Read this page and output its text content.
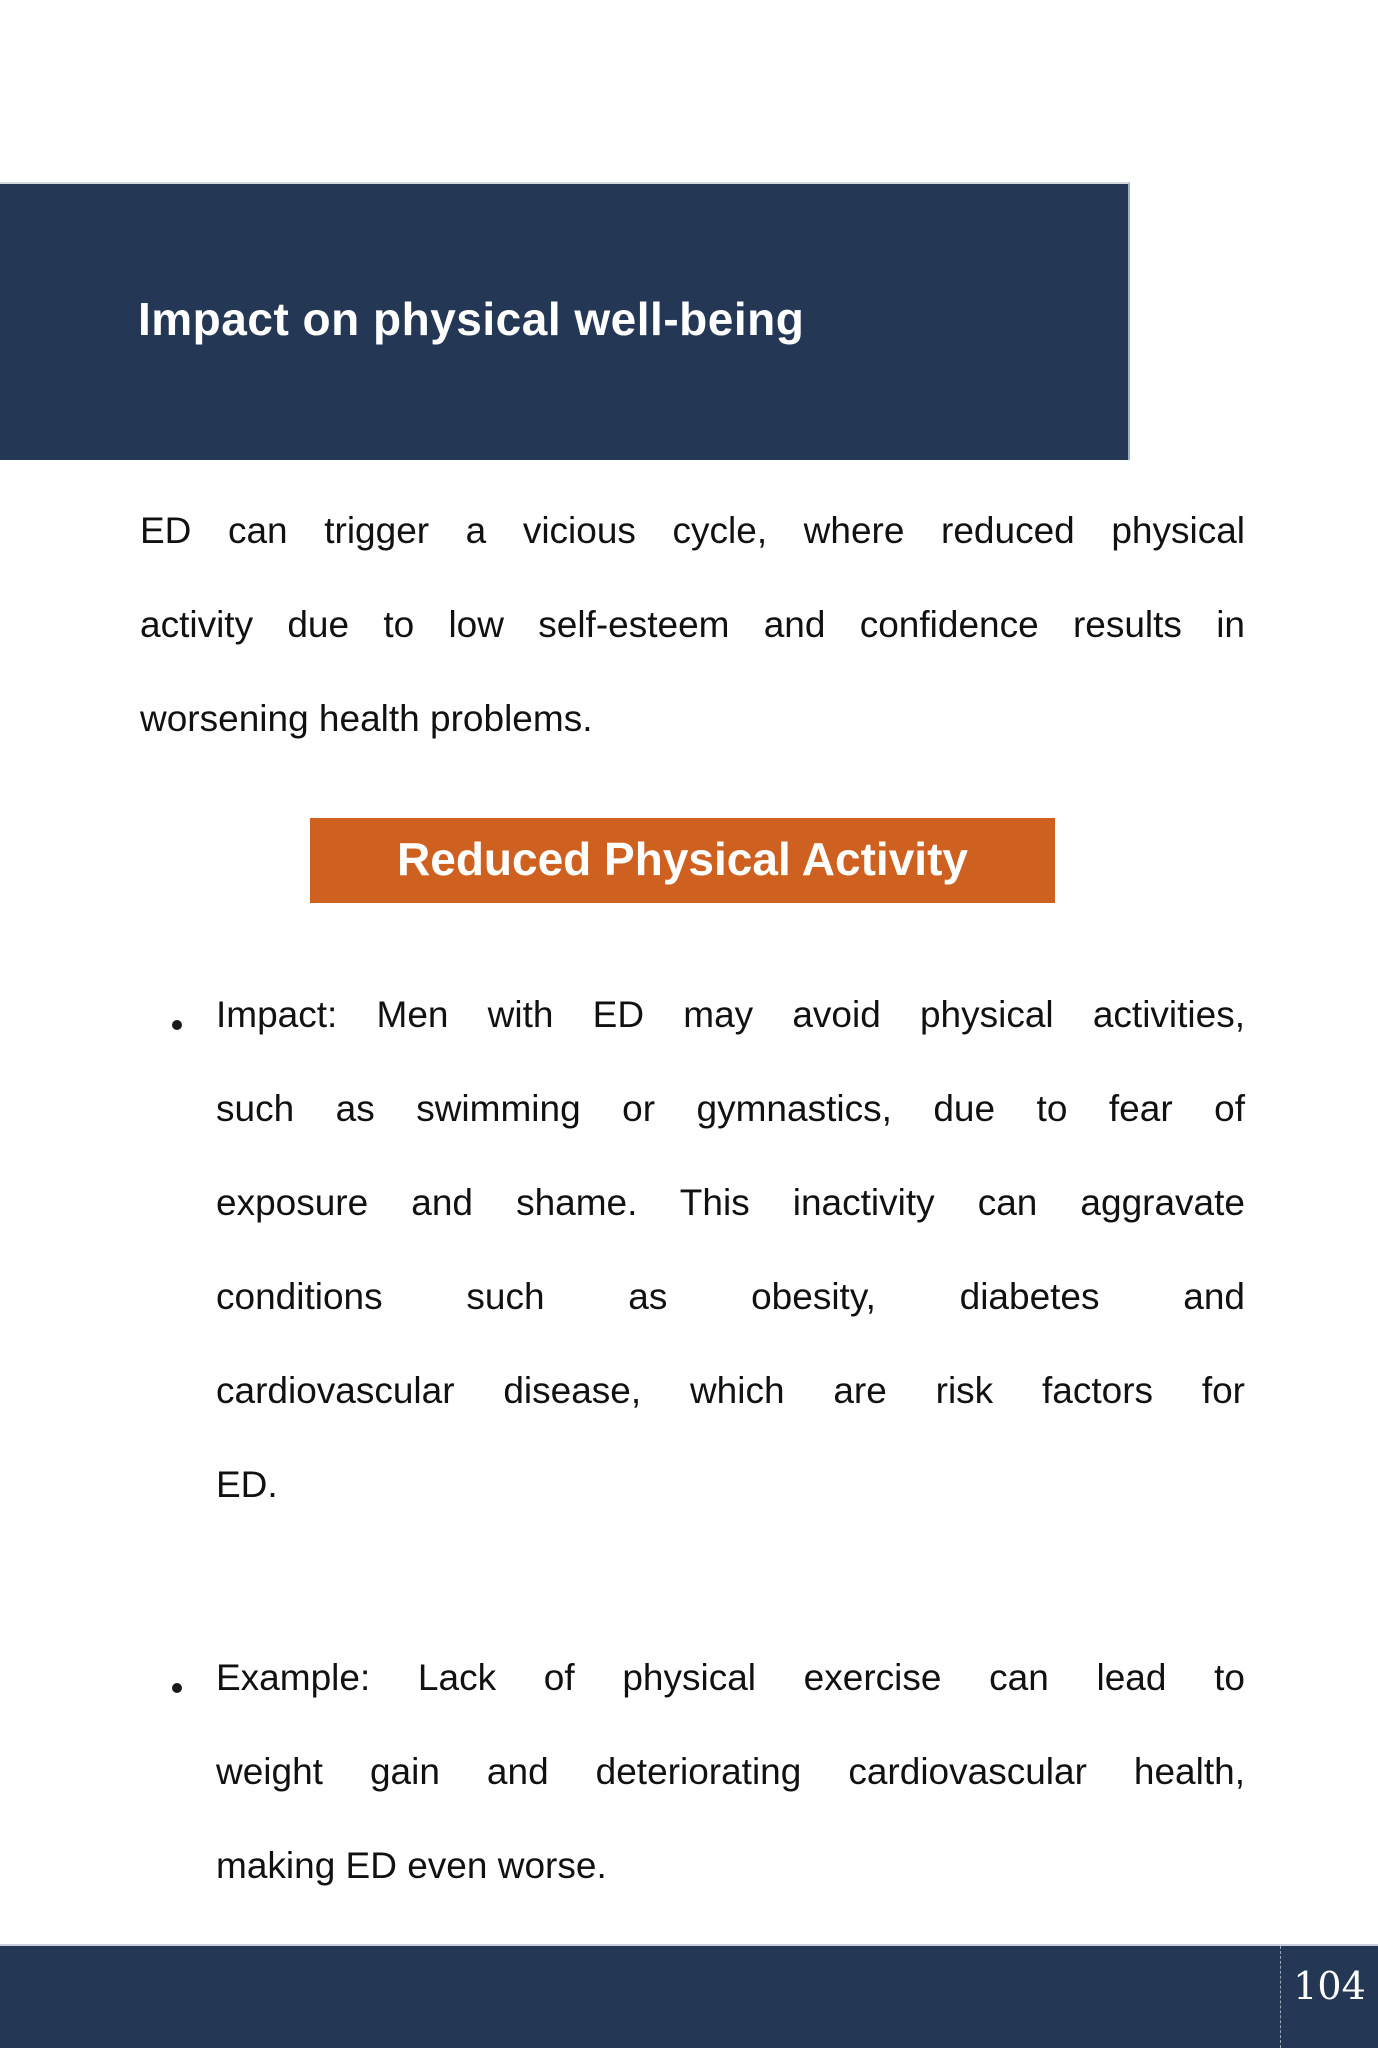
Impact on physical well-being
ED can trigger a vicious cycle, where reduced physical
activity due to low self-esteem and confidence results in
worsening health problems.
Reduced Physical Activity
Impact: Men with ED may avoid physical activities,
such as swimming or gymnastics, due to fear of
exposure and shame. This inactivity can aggravate
conditions such as obesity, diabetes and
cardiovascular disease, which are risk factors for
ED.
Example: Lack of physical exercise can lead to
weight gain and deteriorating cardiovascular health,
making ED even worse.
104
